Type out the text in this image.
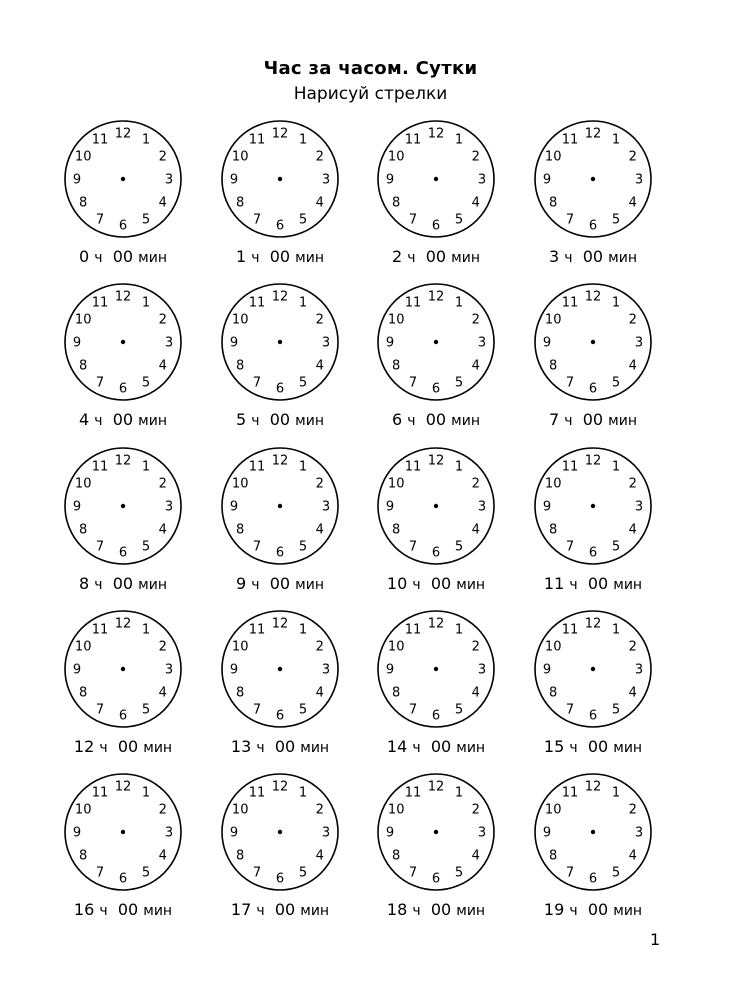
Час за часом. Сутки
Нарисуй стрелки
12 1
2
3
4
5
6
7
8
9
10
11
0 ч 00 мин
12 1
2
3
4
5
6
7
8
9
10
11
1 ч 00 мин
12 1
2
3
4
5
6
7
8
9
10
11
2 ч 00 мин
12 1
2
3
4
5
6
7
8
9
10
11
3 ч 00 мин
12 1
2
3
4
5
6
7
8
9
10
11
4 ч 00 мин
12 1
2
3
4
5
6
7
8
9
10
11
5 ч 00 мин
12 1
2
3
4
5
6
7
8
9
10
11
6 ч 00 мин
12 1
2
3
4
5
6
7
8
9
10
11
7 ч 00 мин
12 1
2
3
4
5
6
7
8
9
10
11
8 ч 00 мин
12 1
2
3
4
5
6
7
8
9
10
11
9 ч 00 мин
12 1
2
3
4
5
6
7
8
9
10
11
10 ч 00 мин
12 1
2
3
4
5
6
7
8
9
10
11
11 ч 00 мин
12 1
2
3
4
5
6
7
8
9
10
11
12 ч 00 мин
12 1
2
3
4
5
6
7
8
9
10
11
13 ч 00 мин
12 1
2
3
4
5
6
7
8
9
10
11
14 ч 00 мин
12 1
2
3
4
5
6
7
8
9
10
11
15 ч 00 мин
12 1
2
3
4
5
6
7
8
9
10
11
16 ч 00 мин
12 1
2
3
4
5
6
7
8
9
10
11
17 ч 00 мин
12 1
2
3
4
5
6
7
8
9
10
11
18 ч 00 мин
12 1
2
3
4
5
6
7
8
9
10
11
19 ч 00 мин
1
